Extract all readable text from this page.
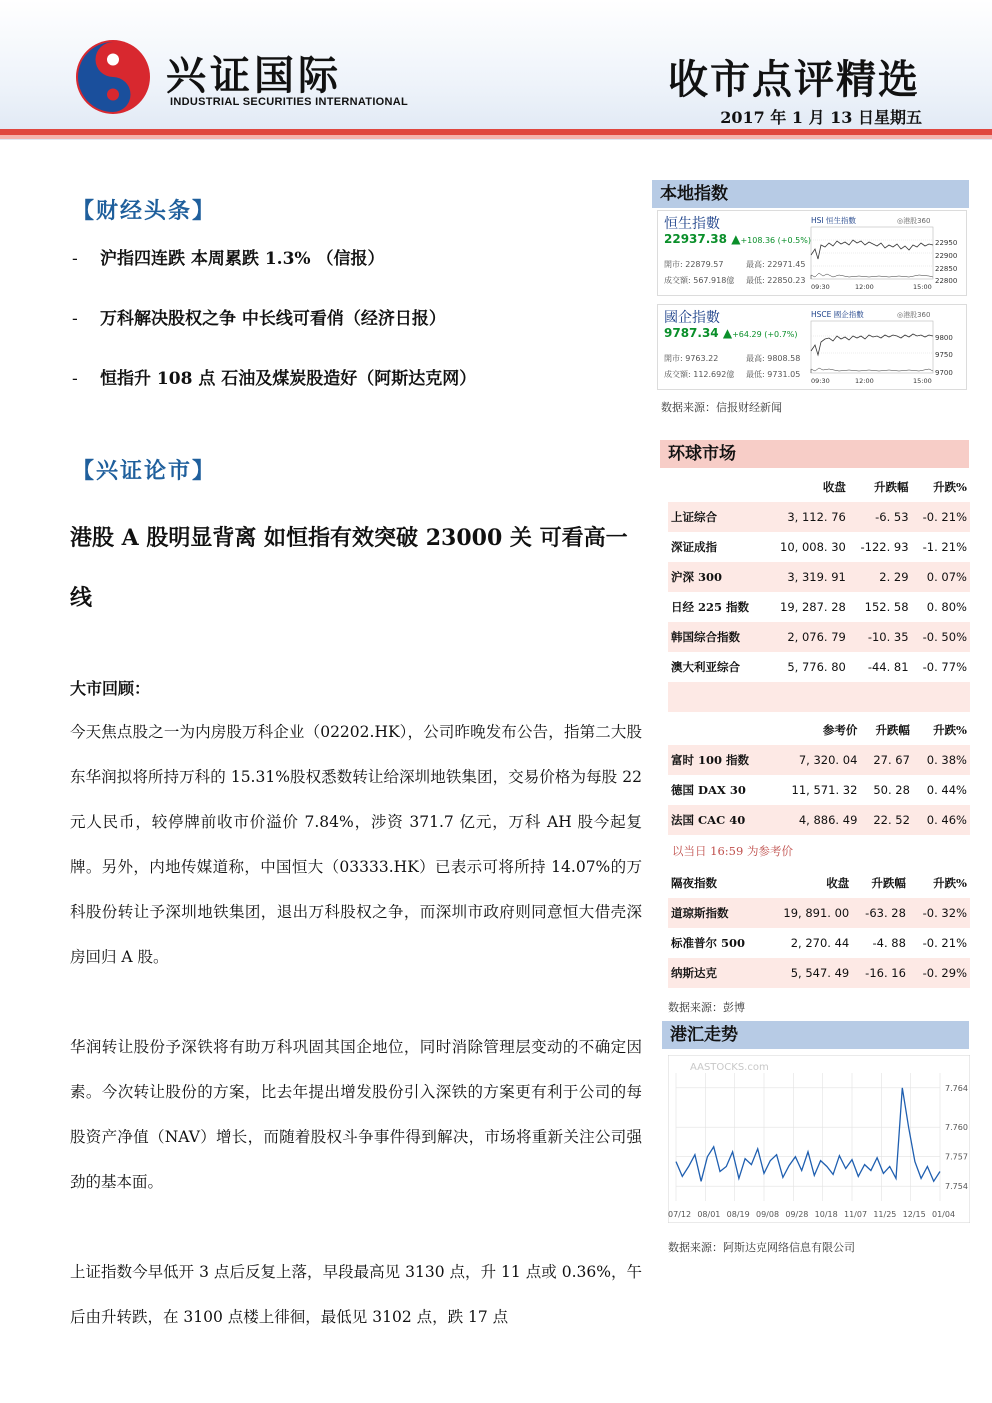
兴证国际
INDUSTRIAL SECURITIES INTERNATIONAL	收市点评精选
2017 年 1 月 13 日星期五
【财经头条】
- 沪指四连跌 本周累跌 1.3% （信报）
- 万科解决股权之争 中长线可看俏（经济日报）
- 恒指升 108 点 石油及煤炭股造好（阿斯达克网）
【兴证论市】
港股 A 股明显背离 如恒指有效突破 23000 关 可看高一线
大市回顾：
今天焦点股之一为内房股万科企业（02202.HK），公司昨晚发布公告，指第二大股东华润拟将所持万科的 15.31%股权悉数转让给深圳地铁集团，交易价格为每股 22 元人民币，较停牌前收市价溢价 7.84%，涉资 371.7 亿元，万科 AH 股今起复牌。另外，内地传媒道称，中国恒大（03333.HK）已表示可将所持 14.07%的万科股份转让予深圳地铁集团，退出万科股权之争，而深圳市政府则同意恒大借壳深房回归 A 股。
华润转让股份予深铁将有助万科巩固其国企地位，同时消除管理层变动的不确定因素。今次转让股份的方案，比去年提出增发股份引入深铁的方案更有利于公司的每股资产净值（NAV）增长，而随着股权斗争事件得到解决，市场将重新关注公司强劲的基本面。
上证指数今早低开 3 点后反复上落，早段最高见 3130 点，升 11 点或 0.36%，午后由升转跌，在 3100 点楼上徘徊，最低见 3102 点，跌 17 点
本地指数
恒生指數
22937.38 ▲+108.36 (+0.5%)
開市: 22879.57	最高: 22971.45
成交額: 567.918億 最低: 22850.23
HSI 恒生指數	◎港股360
22950
22900
22850
22800
09:30	12:00	15:00
國企指數
9787.34 ▲+64.29 (+0.7%)
開市: 9763.22	最高: 9808.58
成交額: 112.692億 最低: 9731.05
HSCE 國企指數	◎港股360
9800
9750
9700
09:30	12:00	15:00
数据来源：信报财经新闻
环球市场
	收盘	升跌幅	升跌%
上证综合	3, 112. 76	-6. 53	-0. 21%
深证成指	10, 008. 30	-122. 93	-1. 21%
沪深 300	3, 319. 91	2. 29	0. 07%
日经 225 指数	19, 287. 28	152. 58	0. 80%
韩国综合指数	2, 076. 79	-10. 35	-0. 50%
澳大利亚综合	5, 776. 80	-44. 81	-0. 77%

	参考价	升跌幅	升跌%
富时 100 指数	7, 320. 04	27. 67	0. 38%
德国 DAX 30	11, 571. 32	50. 28	0. 44%
法国 CAC 40	4, 886. 49	22. 52	0. 46%
以当日 16:59 为参考价
隔夜指数	收盘	升跌幅	升跌%
道琼斯指数	19, 891. 00	-63. 28	-0. 32%
标准普尔 500	2, 270. 44	-4. 88	-0. 21%
纳斯达克	5, 547. 49	-16. 16	-0. 29%
数据来源：彭博
港汇走势
AASTOCKS.com
7.764
7.760
7.757
7.754
07/12 08/01 08/19 09/08 09/28 10/18 11/07 11/25 12/15 01/04
数据来源：阿斯达克网络信息有限公司
